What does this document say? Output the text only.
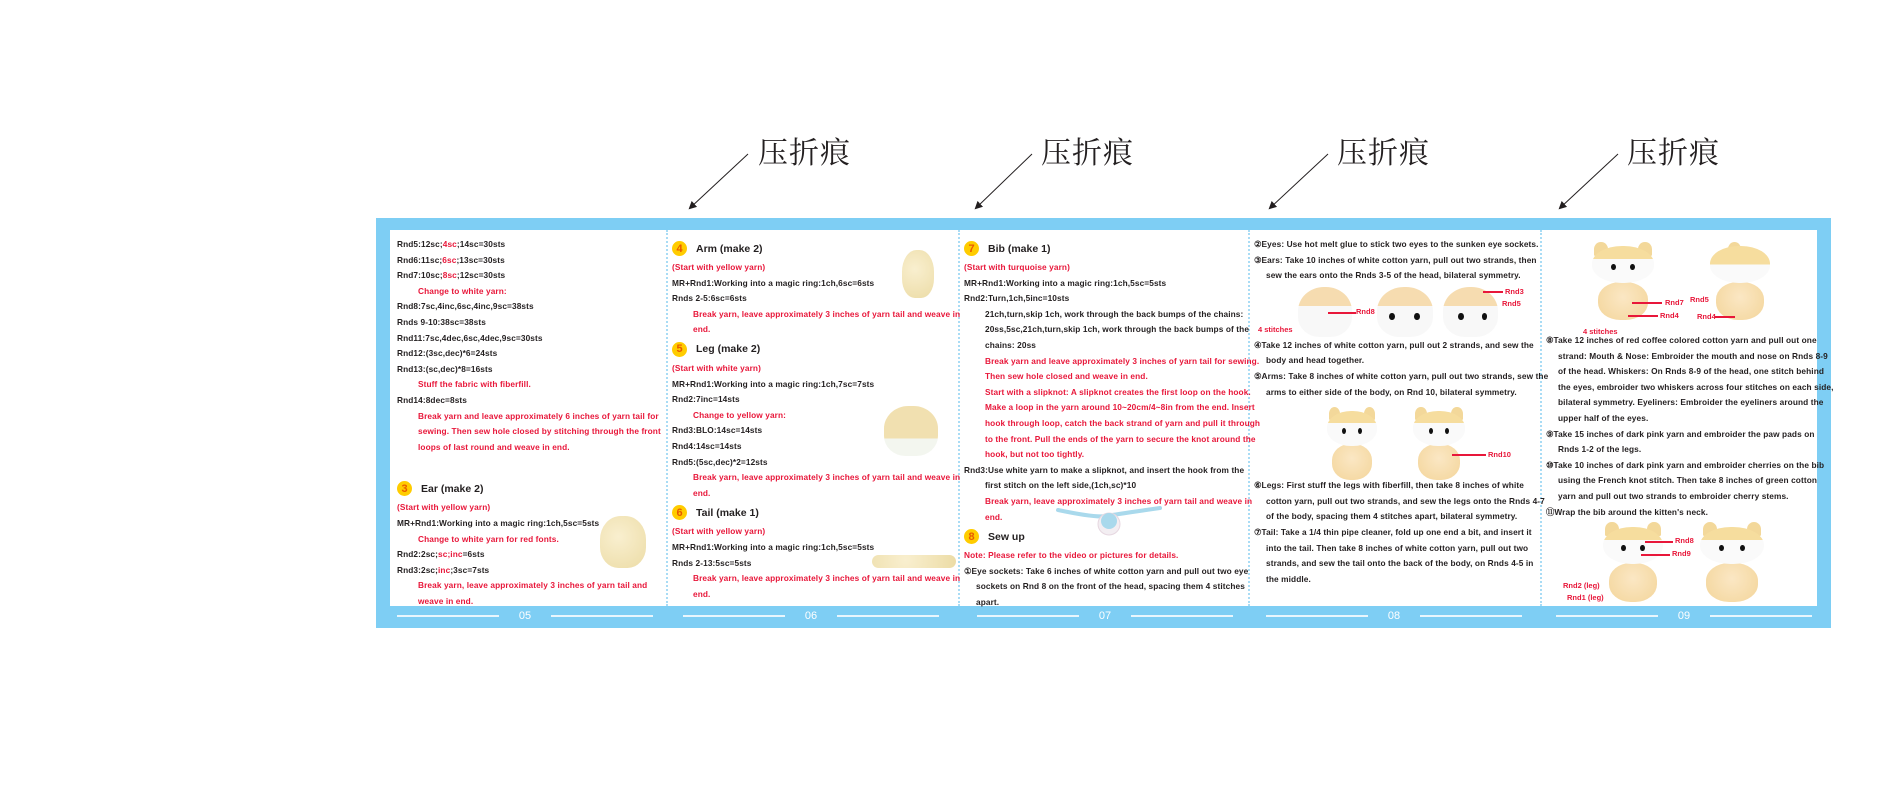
压折痕	压折痕	压折痕	压折痕
Rnd5:12sc;4sc;14sc=30sts
Rnd6:11sc;6sc;13sc=30sts
Rnd7:10sc;8sc;12sc=30sts
Change to white yarn:
Rnd8:7sc,4inc,6sc,4inc,9sc=38sts
Rnds 9-10:38sc=38sts
Rnd11:7sc,4dec,6sc,4dec,9sc=30sts
Rnd12:(3sc,dec)*6=24sts
Rnd13:(sc,dec)*8=16sts
Stuff the fabric with fiberfill.
Rnd14:8dec=8sts
Break yarn and leave approximately 6 inches of yarn tail for
sewing. Then sew hole closed by stitching through the front
loops of last round and weave in end.
3	Ear (make 2)
(Start with yellow yarn)
MR+Rnd1:Working into a magic ring:1ch,5sc=5sts
Change to white yarn for red fonts.
Rnd2:2sc;sc;inc=6sts
Rnd3:2sc;inc;3sc=7sts
Break yarn, leave approximately 3 inches of yarn tail and
weave in end.
4	Arm (make 2)
(Start with yellow yarn)
MR+Rnd1:Working into a magic ring:1ch,6sc=6sts
Rnds 2-5:6sc=6sts
Break yarn, leave approximately 3 inches of yarn tail and weave in
end.
5	Leg (make 2)
(Start with white yarn)
MR+Rnd1:Working into a magic ring:1ch,7sc=7sts
Rnd2:7inc=14sts
Change to yellow yarn:
Rnd3:BLO:14sc=14sts
Rnd4:14sc=14sts
Rnd5:(5sc,dec)*2=12sts
Break yarn, leave approximately 3 inches of yarn tail and weave in
end.
6	Tail (make 1)
(Start with yellow yarn)
MR+Rnd1:Working into a magic ring:1ch,5sc=5sts
Rnds 2-13:5sc=5sts
Break yarn, leave approximately 3 inches of yarn tail and weave in
end.
7	Bib (make 1)
(Start with turquoise yarn)
MR+Rnd1:Working into a magic ring:1ch,5sc=5sts
Rnd2:Turn,1ch,5inc=10sts
21ch,turn,skip 1ch, work through the back bumps of the chains:
20ss,5sc,21ch,turn,skip 1ch, work through the back bumps of the
chains: 20ss
Break yarn and leave approximately 3 inches of yarn tail for sewing.
Then sew hole closed and weave in end.
Start with a slipknot: A slipknot creates the first loop on the hook.
Make a loop in the yarn around 10~20cm/4~8in from the end. Insert
hook through loop, catch the back strand of yarn and pull it through
to the front. Pull the ends of the yarn to secure the knot around the
hook, but not too tightly.
Rnd3:Use white yarn to make a slipknot, and insert the hook from the
first stitch on the left side,(1ch,sc)*10
Break yarn, leave approximately 3 inches of yarn tail and weave in
end.
8	Sew up
Note: Please refer to the video or pictures for details.
①Eye sockets: Take 6 inches of white cotton yarn and pull out two eye
sockets on Rnd 8 on the front of the head, spacing them 4 stitches
apart.
②Eyes: Use hot melt glue to stick two eyes to the sunken eye sockets.
③Ears: Take 10 inches of white cotton yarn, pull out two strands, then
sew the ears onto the Rnds 3-5 of the head, bilateral symmetry.
④Take 12 inches of white cotton yarn, pull out 2 strands, and sew the
body and head together.
⑤Arms: Take 8 inches of white cotton yarn, pull out two strands, sew the
arms to either side of the body, on Rnd 10, bilateral symmetry.
⑥Legs: First stuff the legs with fiberfill, then take 8 inches of white
cotton yarn, pull out two strands, and sew the legs onto the Rnds 4-7
of the body, spacing them 4 stitches apart, bilateral symmetry.
⑦Tail: Take a 1/4 thin pipe cleaner, fold up one end a bit, and insert it
into the tail. Then take 8 inches of white cotton yarn, pull out two
strands, and sew the tail onto the back of the body, on Rnds 4-5 in
the middle.
⑧Take 12 inches of red coffee colored cotton yarn and pull out one
strand: Mouth & Nose: Embroider the mouth and nose on Rnds 8-9
of the head. Whiskers: On Rnds 8-9 of the head, one stitch behind
the eyes, embroider two whiskers across four stitches on each side,
bilateral symmetry. Eyeliners: Embroider the eyeliners around the
upper half of the eyes.
⑨Take 15 inches of dark pink yarn and embroider the paw pads on
Rnds 1-2 of the legs.
⑩Take 10 inches of dark pink yarn and embroider cherries on the bib
using the French knot stitch. Then take 8 inches of green cotton
yarn and pull out two strands to embroider cherry stems.
⑪Wrap the bib around the kitten's neck.
05	06	07	08	09
4 stitches
Rnd8
Rnd3
Rnd5
Rnd10
Rnd7
Rnd4
4 stitches
Rnd5
Rnd4
Rnd8
Rnd9
Rnd2 (leg)
Rnd1 (leg)
